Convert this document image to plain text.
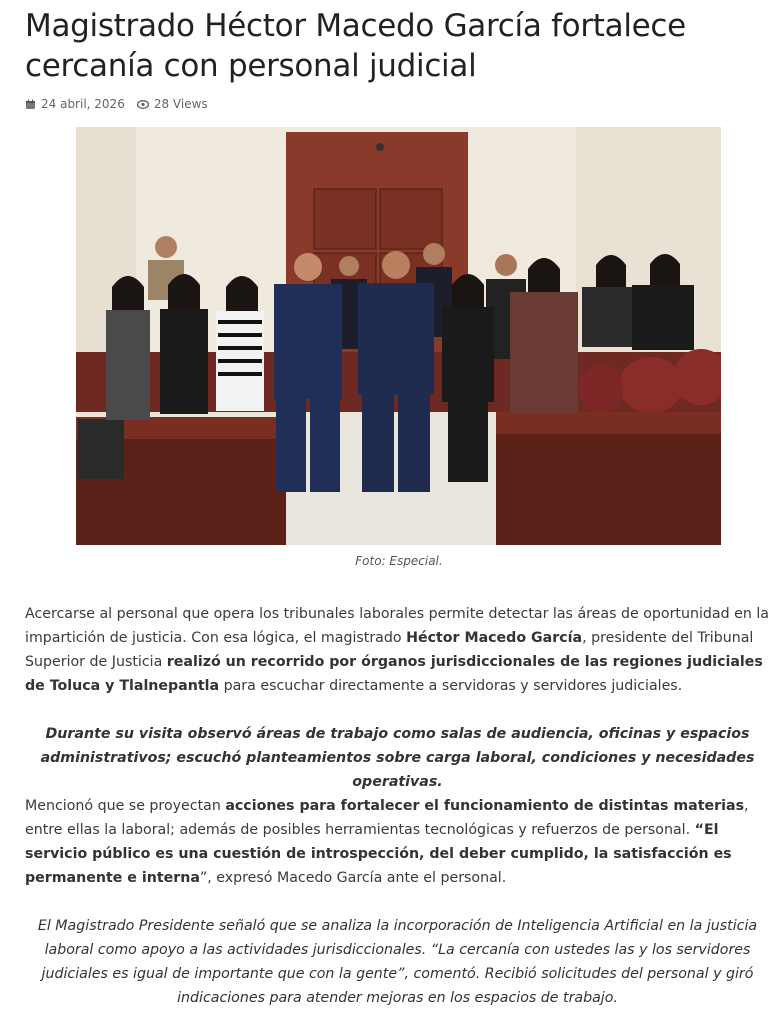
Magistrado Héctor Macedo García fortalece cercanía con personal judicial
24 abril, 2026 28 Views
Foto: Especial.

Acercarse al personal que opera los tribunales laborales permite detectar las áreas de oportunidad en la impartición de justicia. Con esa lógica, el magistrado Héctor Macedo García, presidente del Tribunal Superior de Justicia realizó un recorrido por órganos jurisdiccionales de las regiones judiciales de Toluca y Tlalnepantla para escuchar directamente a servidoras y servidores judiciales.

Durante su visita observó áreas de trabajo como salas de audiencia, oficinas y espacios administrativos; escuchó planteamientos sobre carga laboral, condiciones y necesidades operativas.

Mencionó que se proyectan acciones para fortalecer el funcionamiento de distintas materias, entre ellas la laboral; además de posibles herramientas tecnológicas y refuerzos de personal. “El servicio público es una cuestión de introspección, del deber cumplido, la satisfacción es permanente e interna”, expresó Macedo García ante el personal.

El Magistrado Presidente señaló que se analiza la incorporación de Inteligencia Artificial en la justicia laboral como apoyo a las actividades jurisdiccionales. “La cercanía con ustedes las y los servidores judiciales es igual de importante que con la gente”, comentó. Recibió solicitudes del personal y giró indicaciones para atender mejoras en los espacios de trabajo.
